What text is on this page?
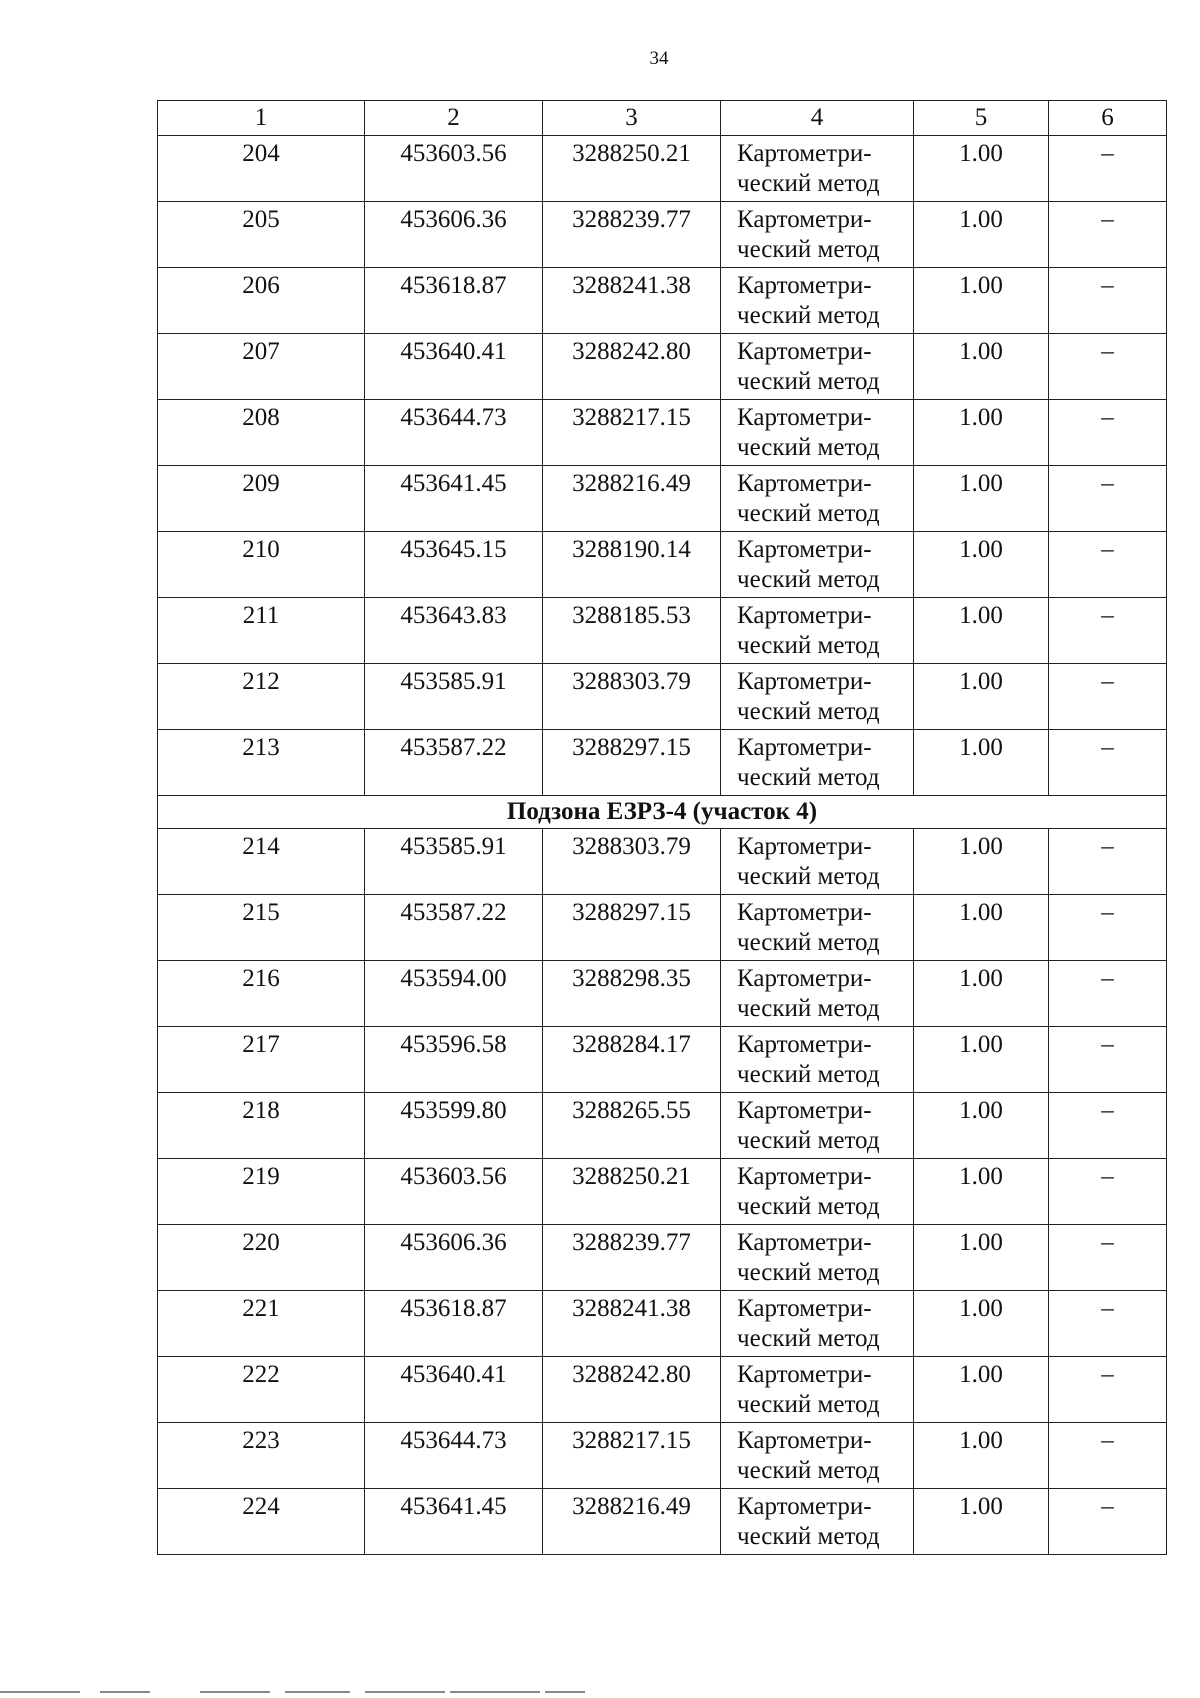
34
1	2	3	4	5	6

204	453603.56	3288250.21	Картометри-
ческий метод	1.00	–

205	453606.36	3288239.77	Картометри-
ческий метод	1.00	–

206	453618.87	3288241.38	Картометри-
ческий метод	1.00	–

207	453640.41	3288242.80	Картометри-
ческий метод	1.00	–

208	453644.73	3288217.15	Картометри-
ческий метод	1.00	–

209	453641.45	3288216.49	Картометри-
ческий метод	1.00	–

210	453645.15	3288190.14	Картометри-
ческий метод	1.00	–

211	453643.83	3288185.53	Картометри-
ческий метод	1.00	–

212	453585.91	3288303.79	Картометри-
ческий метод	1.00	–

213	453587.22	3288297.15	Картометри-
ческий метод	1.00	–

Подзона ЕЗРЗ-4 (участок 4)					

214	453585.91	3288303.79	Картометри-
ческий метод	1.00	–

215	453587.22	3288297.15	Картометри-
ческий метод	1.00	–

216	453594.00	3288298.35	Картометри-
ческий метод	1.00	–

217	453596.58	3288284.17	Картометри-
ческий метод	1.00	–

218	453599.80	3288265.55	Картометри-
ческий метод	1.00	–

219	453603.56	3288250.21	Картометри-
ческий метод	1.00	–

220	453606.36	3288239.77	Картометри-
ческий метод	1.00	–

221	453618.87	3288241.38	Картометри-
ческий метод	1.00	–

222	453640.41	3288242.80	Картометри-
ческий метод	1.00	–

223	453644.73	3288217.15	Картометри-
ческий метод	1.00	–

224	453641.45	3288216.49	Картометри-
ческий метод	1.00	–
